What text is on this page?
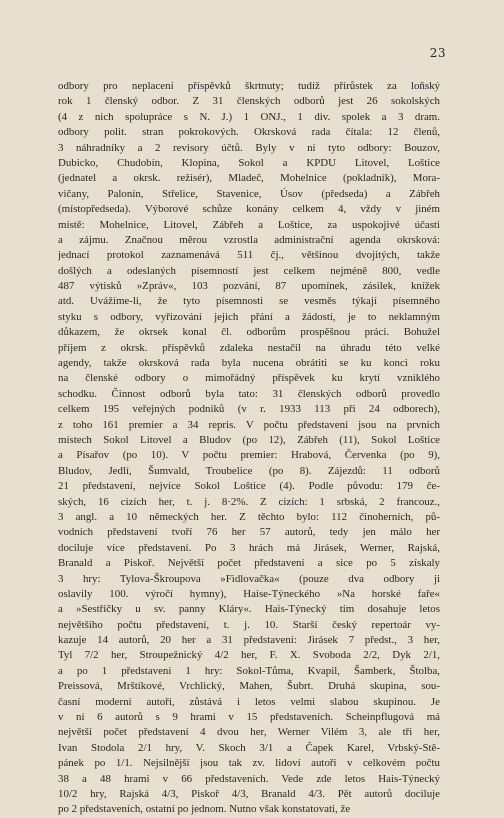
23
odbory pro neplacení příspěvků škrtnuty; tudíž přírůstek za loňský
rok 1 členský odbor. Z 31 členských odborů jest 26 sokolských
(4 z nich spolupráce s N. J.) 1 ONJ., 1 div. spolek a 3 dram.
odbory polit. stran pokrokových. Okrsková rada čítala: 12 členů,
3 náhradníky a 2 revisory účtů. Byly v ní tyto odbory: Bouzov,
Dubicko, Chudobín, Klopina, Sokol a KPDU Litovel, Loštice
(jednatel a okrsk. režisér), Mladeč, Mohelnice (pokladník), Mora-
vičany, Palonín, Střelice, Stavenice, Úsov (předseda) a Zábřeh
(místopředseda). Výborové schůze konány celkem 4, vždy v jiném
místě: Mohelnice, Litovel, Zábřeh a Loštice, za uspokojivé účasti
a zájmu. Značnou měrou vzrostla administrační agenda okrsková:
jednací protokol zaznamenává 511 čj., většinou dvojitých, takže
došlých a odeslaných písemností jest celkem nejméně 800, vedle
487 výtisků »Zpráv«, 103 pozvání, 87 upomínek, zásilek, knížek
atd. Uvážíme-li, že tyto písemnosti se vesměs týkají písemného
styku s odbory, vyřizování jejich přání a žádostí, je to neklamným
důkazem, že okrsek konal čl. odborům prospěšnou práci. Bohužel
příjem z okrsk. příspěvků zdaleka nestačil na úhradu této velké
agendy, takže okrsková rada byla nucena obrátiti se ku konci roku
na členské odbory o mimořádný příspěvek ku krytí vzniklého
schodku. Činnost odborů byla tato: 31 členských odborů provedlo
celkem 195 veřejných podniků (v r. 1933 113 při 24 odborech),
z toho 161 premier a 34 repris. V počtu představení jsou na prvních
místech Sokol Litovel a Bludov (po 12), Zábřeh (11), Sokol Loštice
a Písařov (po 10). V počtu premier: Hrabová, Červenka (po 9),
Bludov, Jedlí, Šumvald, Troubelice (po 8). Zájezdů: 11 odborů
21 představení, nejvíce Sokol Loštice (4). Podle původu: 179 če-
ských, 16 cizích her, t. j. 8·2%. Z cizích: 1 srbská, 2 francouz.,
3 angl. a 10 německých her. Z těchto bylo: 112 činoherních, pů-
vodních představení tvoří 76 her 57 autorů, tedy jen málo her
dociluje více představení. Po 3 hrách má Jirásek, Werner, Rajská,
Branald a Piskoř. Největší počet představení a sice po 5 získaly
3 hry: Tylova-Škroupova »Fidlovačka« (pouze dva odbory ji
oslavily 100. výročí hymny), Haise-Týneckého »Na horské faře«
a »Sestřičky u sv. panny Kláry«. Hais-Týnecký tím dosahuje letos
největšího počtu představení, t. j. 10. Starší český repertoár vy-
kazuje 14 autorů, 20 her a 31 představení: Jirásek 7 předst., 3 her,
Tyl 7/2 her, Stroupežnický 4/2 her, F. X. Svoboda 2/2, Dyk 2/1,
a po 1 představení 1 hry: Sokol-Tůma, Kvapil, Šamberk, Štolba,
Preissová, Mrštíkové, Vrchlický, Mahen, Šubrt. Druhá skupina, sou-
časní moderní autoři, zůstává i letos velmi slabou skupinou. Je
v ní 6 autorů s 9 hrami v 15 představeních. Scheinpflugová má
největší počet představení 4 dvou her, Werner Vilém 3, ale tři her,
Ivan Stodola 2/1 hry, V. Skoch 3/1 a Čapek Karel, Vrbský-Stě-
pánek po 1/1. Nejsilnější jsou tak zv. lidoví autoři v celkovém počtu
38 a 48 hrami v 66 představeních. Vede zde letos Hais-Týnecký
10/2 hry, Rajská 4/3, Piskoř 4/3, Branald 4/3. Pět autorů dociluje
po 2 představeních, ostatní po jednom. Nutno však konstatovati, že
